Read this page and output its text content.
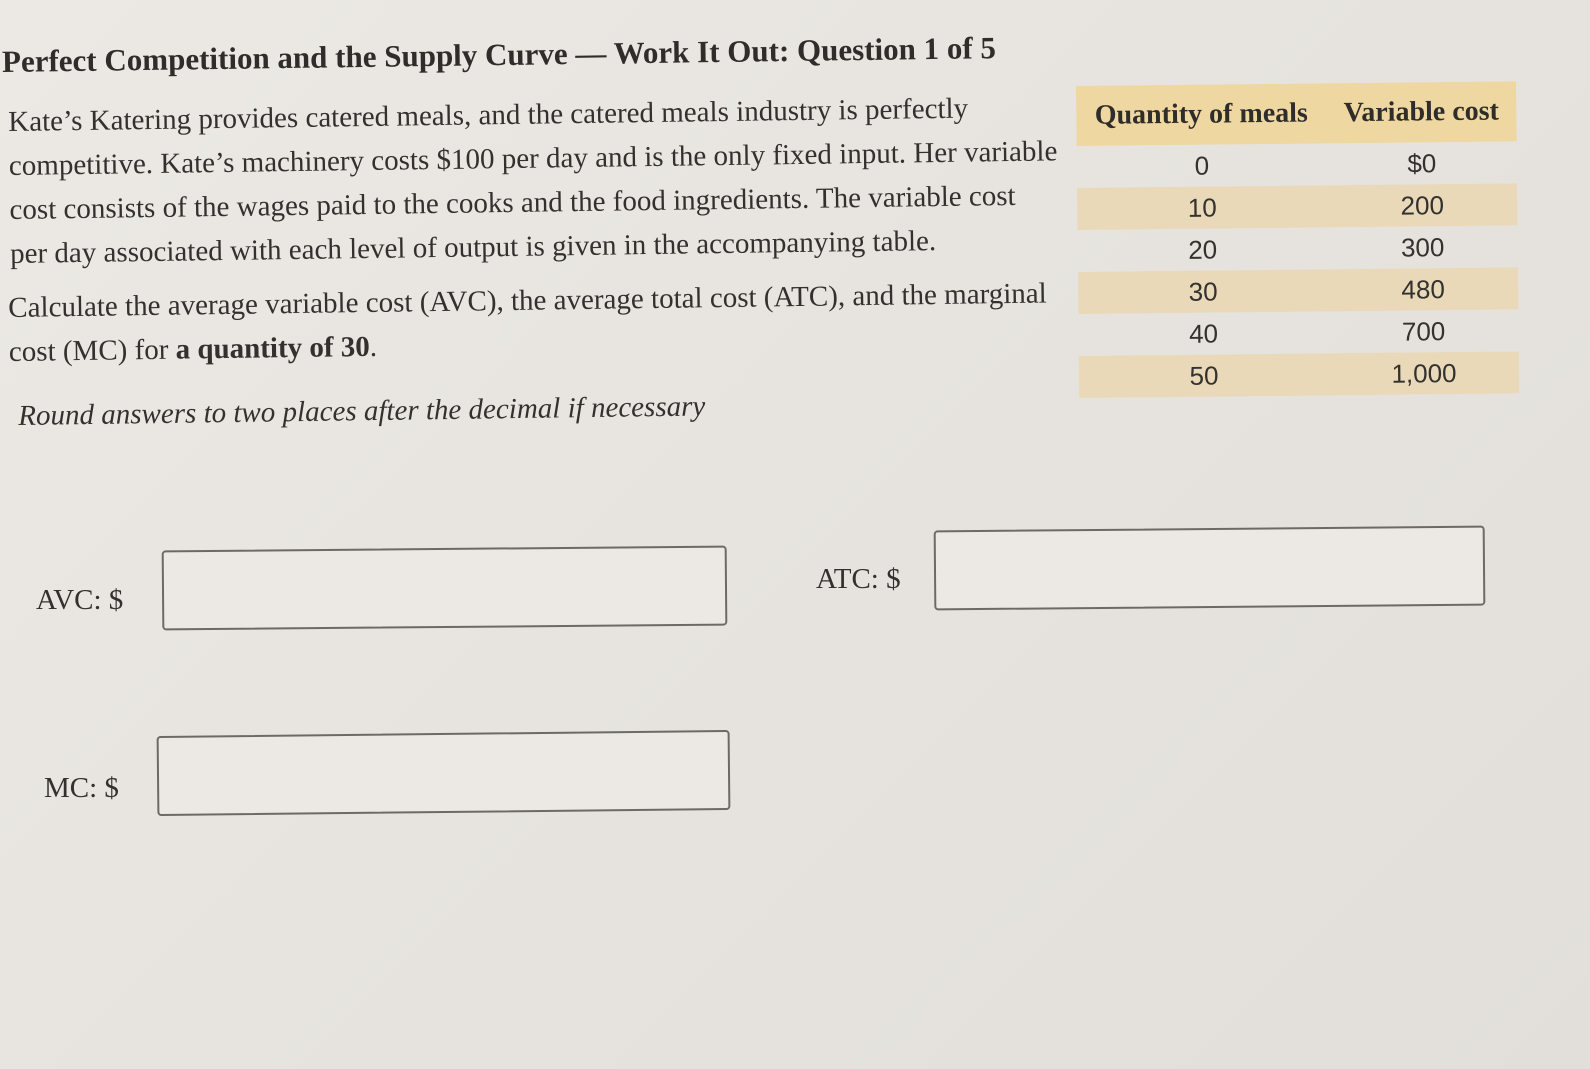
Perfect Competition and the Supply Curve — Work It Out: Question 1 of 5
Kate’s Katering provides catered meals, and the catered meals industry is perfectly
competitive. Kate’s machinery costs $100 per day and is the only fixed input. Her variable
cost consists of the wages paid to the cooks and the food ingredients. The variable cost
per day associated with each level of output is given in the accompanying table.
Calculate the average variable cost (AVC), the average total cost (ATC), and the marginal
cost (MC) for a quantity of 30.
Round answers to two places after the decimal if necessary
Quantity of meals	Variable cost
0	$0
10	200
20	300
30	480
40	700
50	1,000
AVC: $
ATC: $
MC: $
